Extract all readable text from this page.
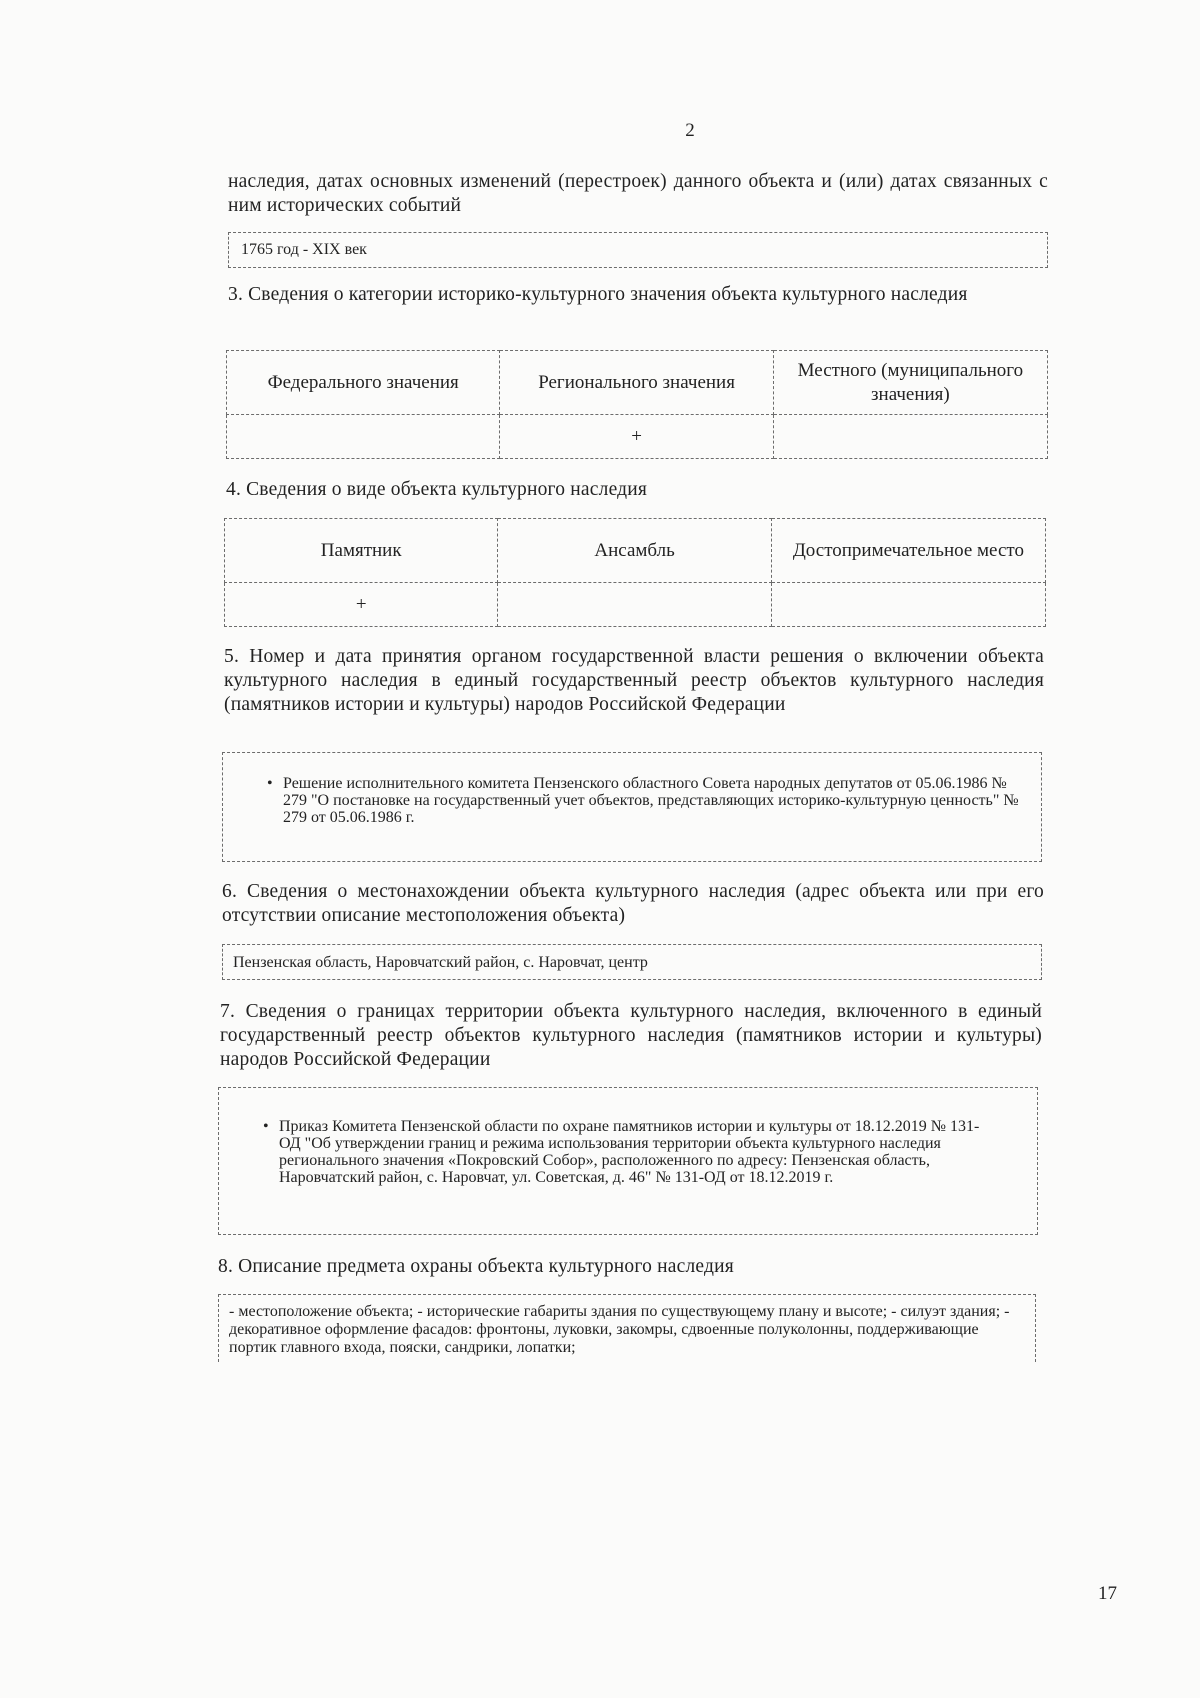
2
наследия, датах основных изменений (перестроек) данного объекта и (или) датах связанных с ним исторических событий
1765 год - XIX век
3. Сведения о категории историко-культурного значения объекта культурного наследия
Федерального значения	Регионального значения	Местного (муниципального значения)
	+	
4. Сведения о виде объекта культурного наследия
Памятник	Ансамбль	Достопримечательное место
+		
5. Номер и дата принятия органом государственной власти решения о включении объекта культурного наследия в единый государственный реестр объектов культурного наследия (памятников истории и культуры) народов Российской Федерации
• Решение исполнительного комитета Пензенского областного Совета народных депутатов от 05.06.1986 № 279 "О постановке на государственный учет объектов, представляющих историко-культурную ценность" № 279 от 05.06.1986 г.
6. Сведения о местонахождении объекта культурного наследия (адрес объекта или при его отсутствии описание местоположения объекта)
Пензенская область, Наровчатский район, с. Наровчат, центр
7. Сведения о границах территории объекта культурного наследия, включенного в единый государственный реестр объектов культурного наследия (памятников истории и культуры) народов Российской Федерации
• Приказ Комитета Пензенской области по охране памятников истории и культуры от 18.12.2019 № 131-ОД "Об утверждении границ и режима использования территории объекта культурного наследия регионального значения «Покровский Собор», расположенного по адресу: Пензенская область, Наровчатский район, с. Наровчат, ул. Советская, д. 46" № 131-ОД от 18.12.2019 г.
8. Описание предмета охраны объекта культурного наследия
- местоположение объекта; - исторические габариты здания по существующему плану и высоте; - силуэт здания; - декоративное оформление фасадов: фронтоны, луковки, закомры, сдвоенные полуколонны, поддерживающие портик главного входа, пояски, сандрики, лопатки;
17
